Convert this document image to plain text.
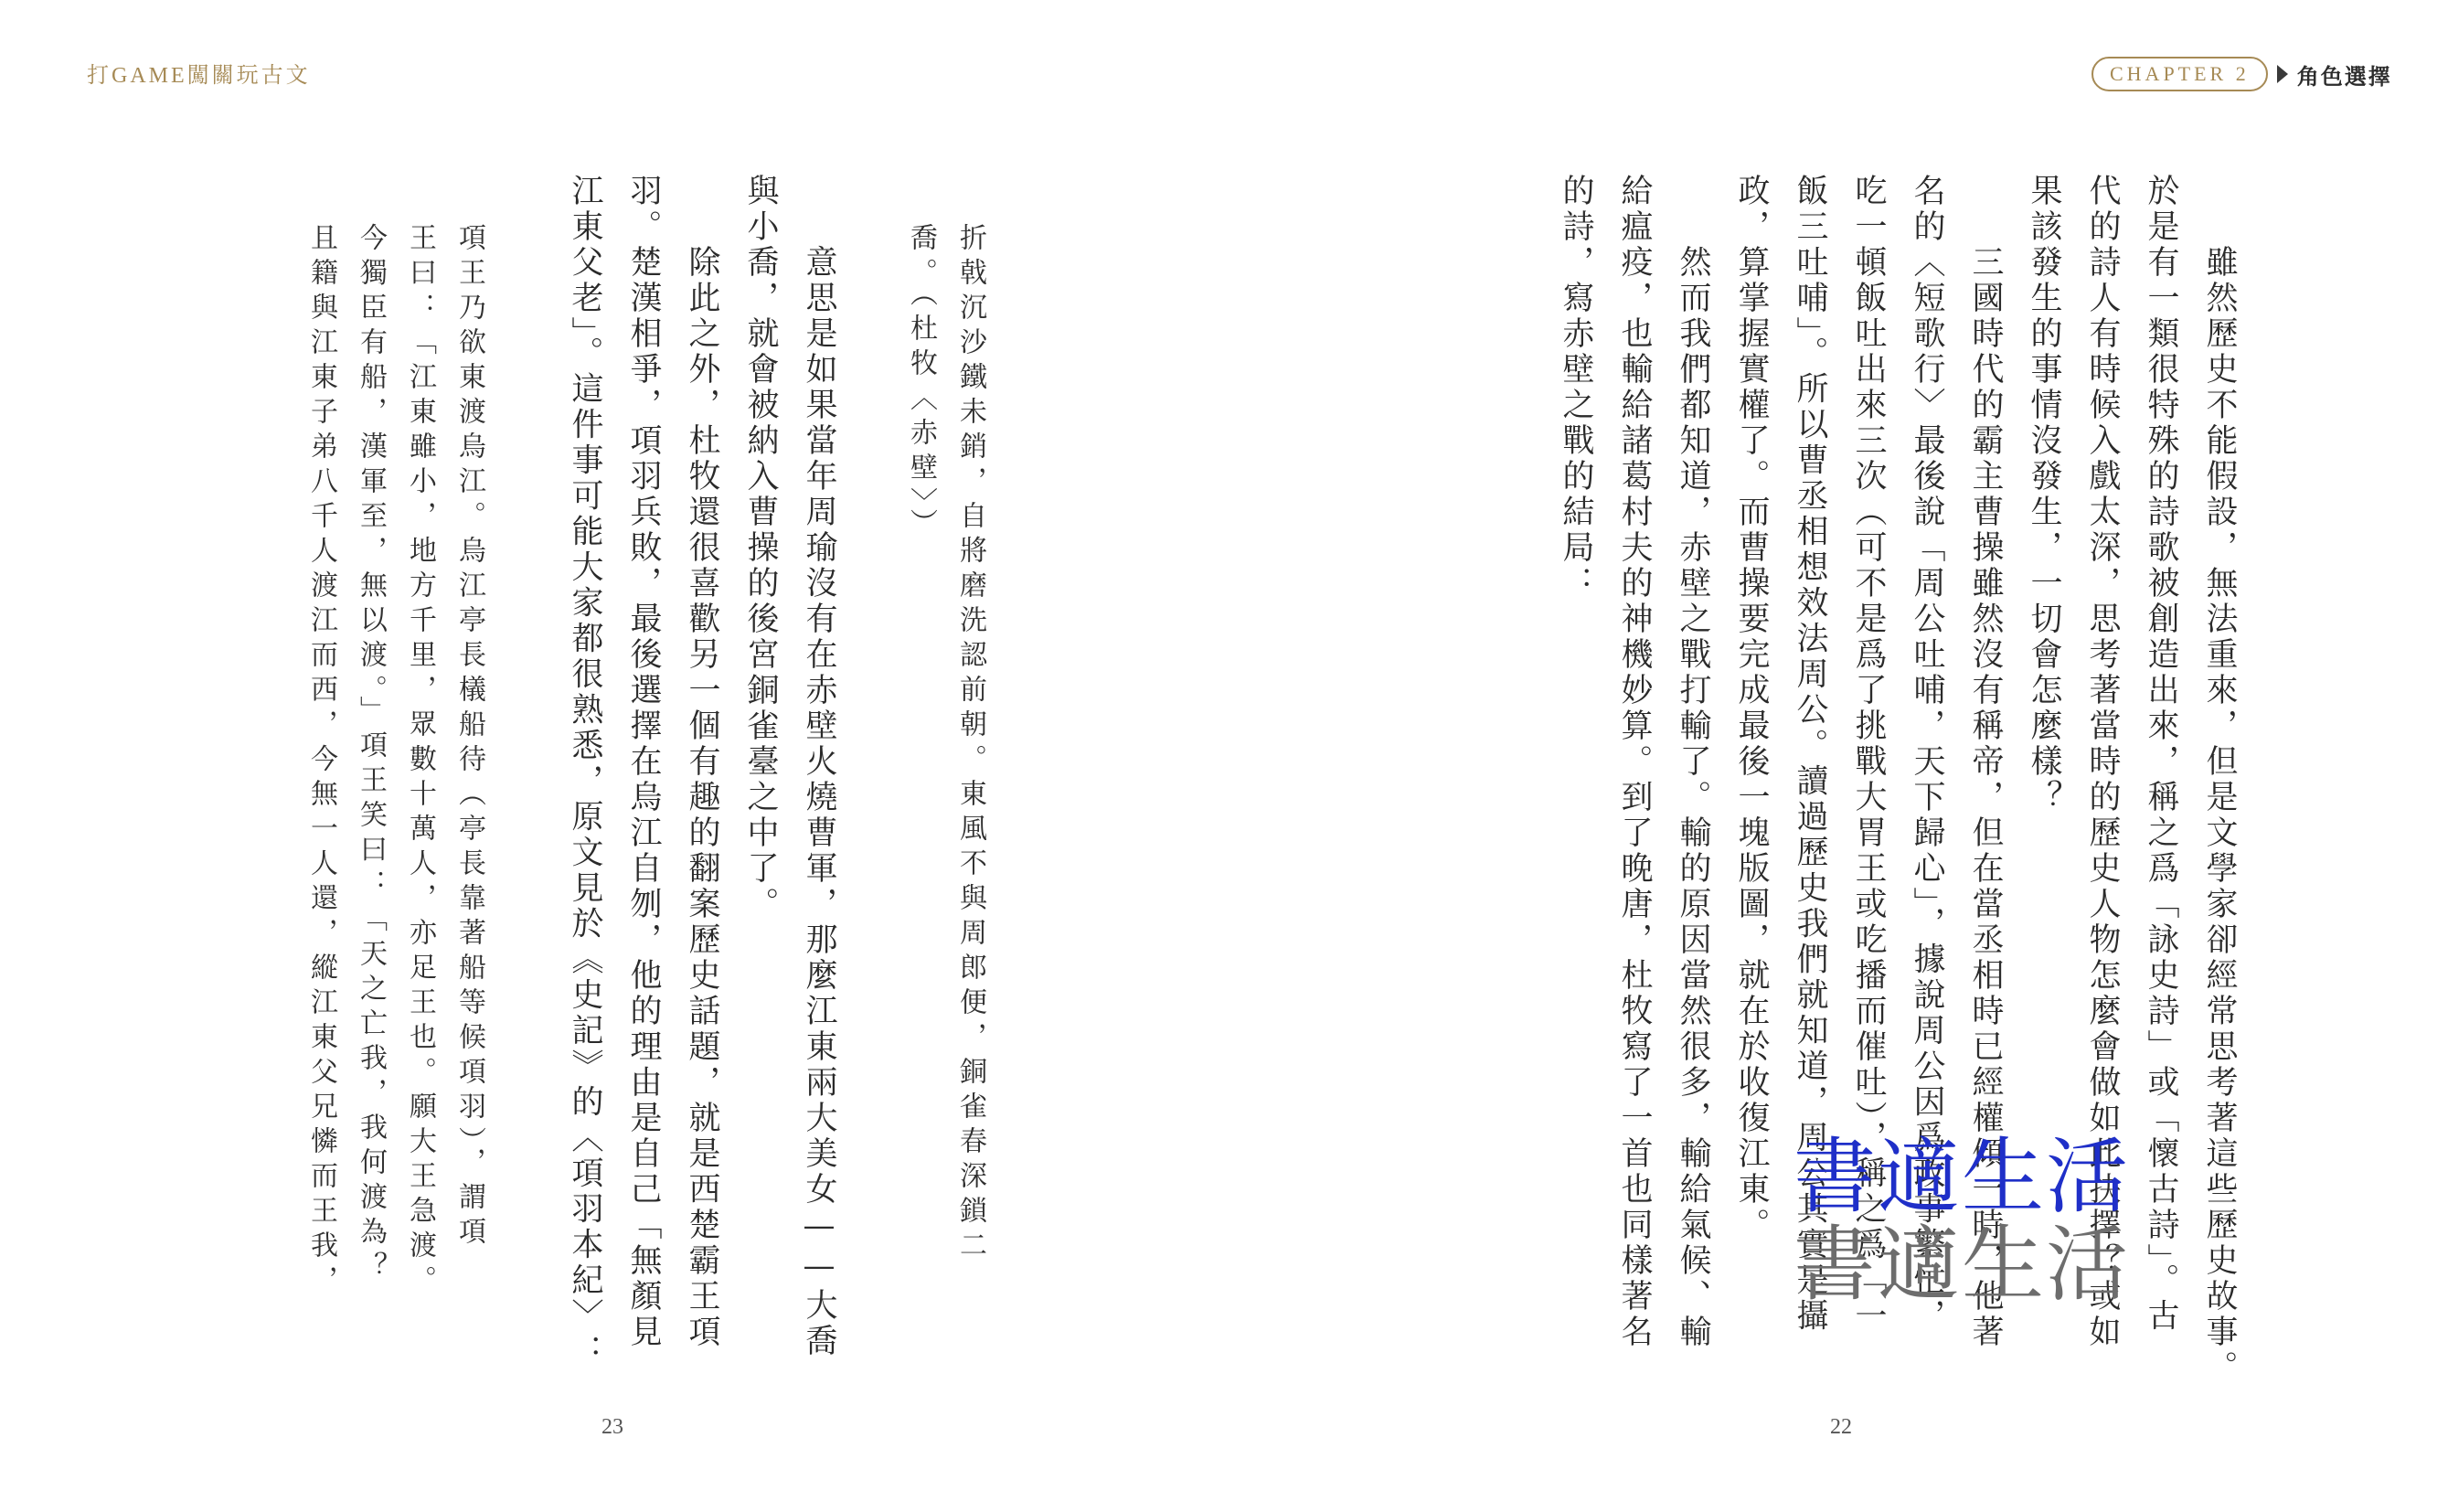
打GAME闖關玩古文	CHAPTER 2	角色選擇
　　雖然歷史不能假設，無法重來，但是文學家卻經常思考著這些歷史故事。
於是有一類很特殊的詩歌被創造出來，稱之爲「詠史詩」或「懷古詩」。古
代的詩人有時候入戲太深，思考著當時的歷史人物怎麼會做如此抉擇？或如
果該發生的事情沒發生，一切會怎麼樣？
　　三國時代的霸主曹操雖然沒有稱帝，但在當丞相時已經權傾一時，他著
名的〈短歌行〉最後說「周公吐哺，天下歸心」，據說周公因爲政事繁忙，
吃一頓飯吐出來三次（可不是爲了挑戰大胃王或吃播而催吐），稱之爲「一
飯三吐哺」。所以曹丞相想效法周公。讀過歷史我們就知道，周公其實是攝
政，算掌握實權了。而曹操要完成最後一塊版圖，就在於收復江東。
　　然而我們都知道，赤壁之戰打輸了。輸的原因當然很多，輸給氣候、輸
給瘟疫，也輸給諸葛村夫的神機妙算。到了晚唐，杜牧寫了一首也同樣著名
的詩，寫赤壁之戰的結局：
折戟沉沙鐵未銷，自將磨洗認前朝。東風不與周郎便，銅雀春深鎖二
喬。（杜牧〈赤壁〉）
　　意思是如果當年周瑜沒有在赤壁火燒曹軍，那麼江東兩大美女——大喬
與小喬，就會被納入曹操的後宮銅雀臺之中了。
　　除此之外，杜牧還很喜歡另一個有趣的翻案歷史話題，就是西楚霸王項
羽。楚漢相爭，項羽兵敗，最後選擇在烏江自刎，他的理由是自己「無顏見
江東父老」。這件事可能大家都很熟悉，原文見於《史記》的〈項羽本紀〉：
項王乃欲東渡烏江。烏江亭長檥船待（亭長靠著船等候項羽），謂項
王曰：「江東雖小，地方千里，眾數十萬人，亦足王也。願大王急渡。
今獨臣有船，漢軍至，無以渡。」項王笑曰：「天之亡我，我何渡為？
且籍與江東子弟八千人渡江而西，今無一人還，縱江東父兄憐而王我，
23	22
書適生活
書適生活
